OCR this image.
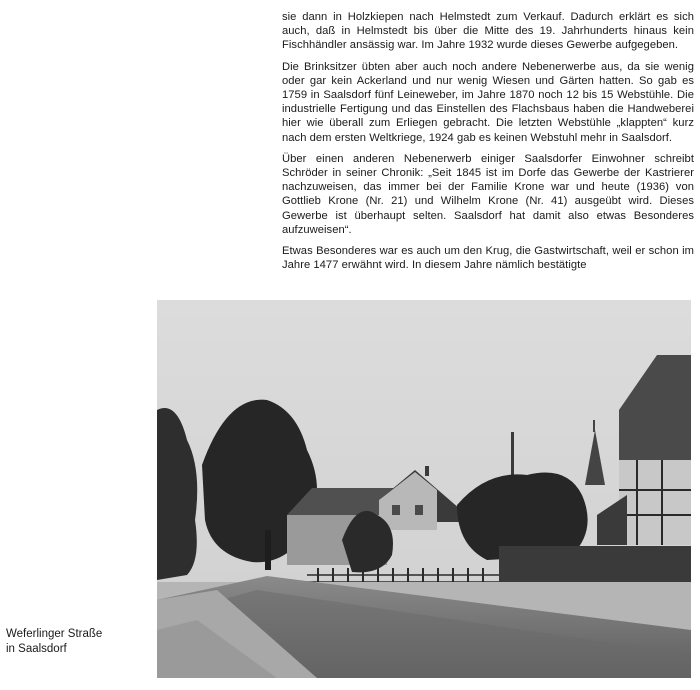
sie dann in Holzkiepen nach Helmstedt zum Verkauf. Dadurch erklärt es sich auch, daß in Helmstedt bis über die Mitte des 19. Jahrhunderts hinaus kein Fischhändler ansässig war. Im Jahre 1932 wurde dieses Gewerbe aufgegeben.

Die Brinksitzer übten aber auch noch andere Nebenerwerbe aus, da sie wenig oder gar kein Ackerland und nur wenig Wiesen und Gärten hatten. So gab es 1759 in Saalsdorf fünf Leineweber, im Jahre 1870 noch 12 bis 15 Webstühle. Die industrielle Fertigung und das Einstellen des Flachsbaus haben die Handweberei hier wie überall zum Erliegen gebracht. Die letzten Webstühle „klappten“ kurz nach dem ersten Weltkriege, 1924 gab es keinen Webstuhl mehr in Saalsdorf.

Über einen anderen Nebenerwerb einiger Saalsdorfer Einwohner schreibt Schröder in seiner Chronik: „Seit 1845 ist im Dorfe das Gewerbe der Kastrierer nachzuweisen, das immer bei der Familie Krone war und heute (1936) von Gottlieb Krone (Nr. 21) und Wilhelm Krone (Nr. 41) ausgeübt wird. Dieses Gewerbe ist überhaupt selten. Saalsdorf hat damit also etwas Besonderes aufzuweisen“.

Etwas Besonderes war es auch um den Krug, die Gastwirtschaft, weil er schon im Jahre 1477 erwähnt wird. In diesem Jahre nämlich bestätigte

Weferlinger Straße
in Saalsdorf
